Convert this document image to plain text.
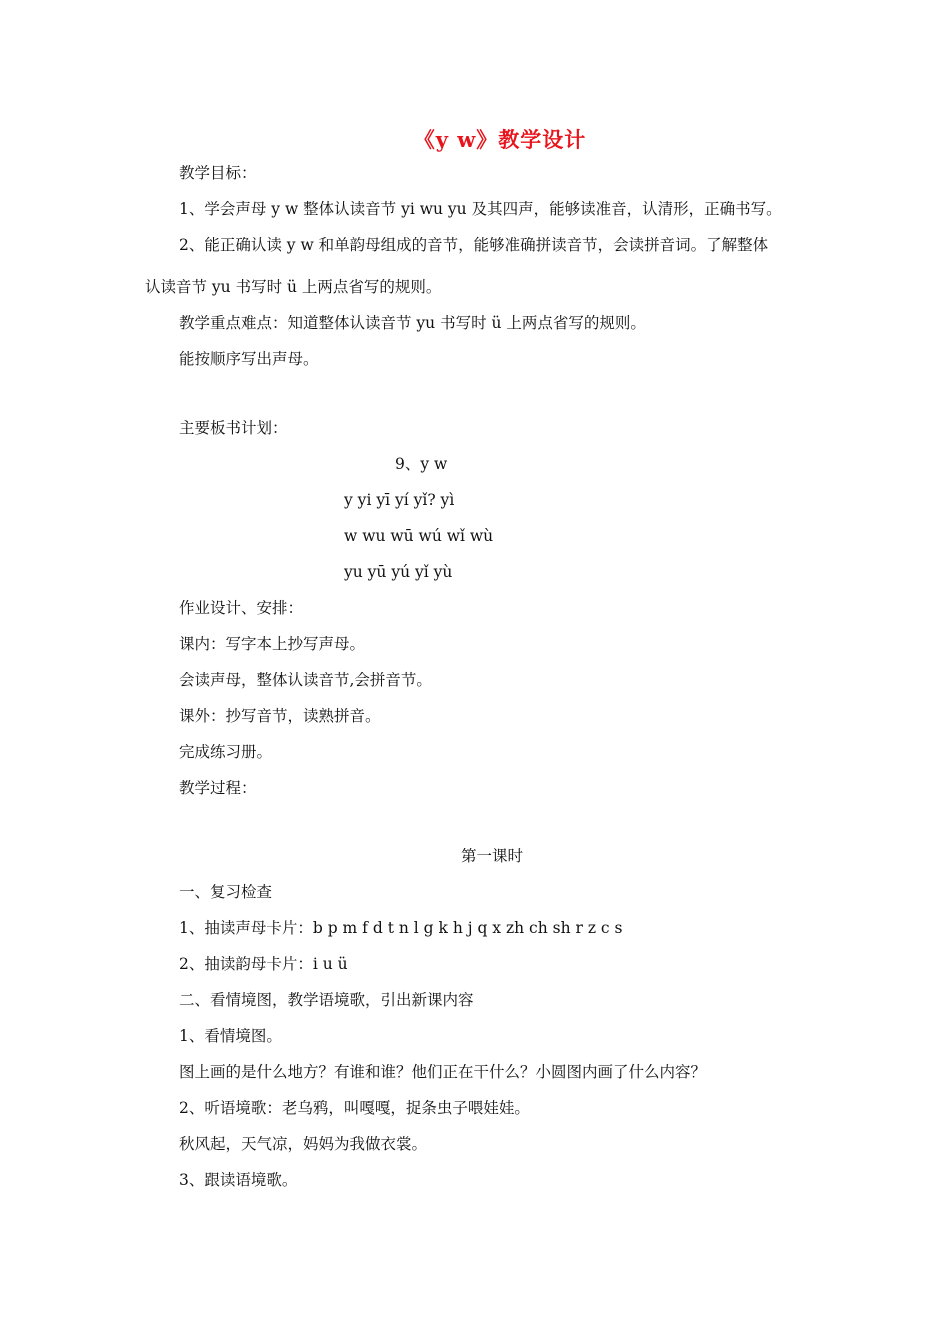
《y w》教学设计
教学目标：
1、学会声母 y w 整体认读音节 yi wu yu 及其四声，能够读准音，认清形，正确书写。
2、能正确认读 y w 和单韵母组成的音节，能够准确拼读音节，会读拼音词。了解整体
认读音节 yu 书写时 ü 上两点省写的规则。
教学重点难点：知道整体认读音节 yu 书写时 ü 上两点省写的规则。
能按顺序写出声母。
主要板书计划：
9、y w
y yi yī yí yǐ? yì
w wu wū wú wǐ wù
yu yū yú yǐ yù
作业设计、安排：
课内：写字本上抄写声母。
会读声母，整体认读音节,会拼音节。
课外：抄写音节，读熟拼音。
完成练习册。
教学过程：
第一课时
一、复习检查
1、抽读声母卡片：b p m f d t n l g k h j q x zh ch sh r z c s
2、抽读韵母卡片：i u ü
二、看情境图，教学语境歌，引出新课内容
1、看情境图。
图上画的是什么地方？有谁和谁？他们正在干什么？小圆图内画了什么内容？
2、听语境歌：老乌鸦，叫嘎嘎，捉条虫子喂娃娃。
秋风起，天气凉，妈妈为我做衣裳。
3、跟读语境歌。
